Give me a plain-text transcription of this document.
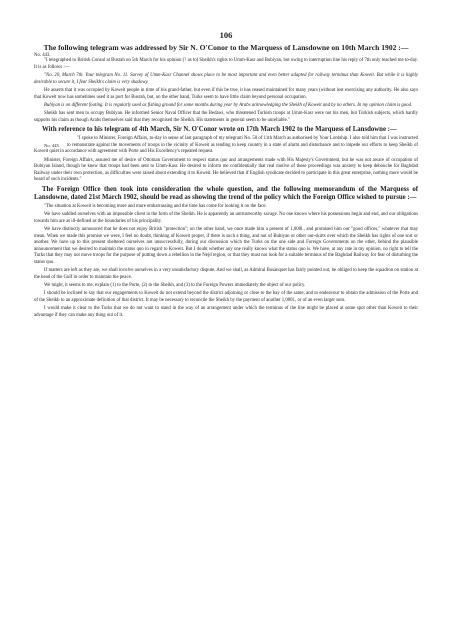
106
The following telegram was addressed by Sir N. O'Conor to the Marquess of Lansdowne on 10th March 1902 :—
No. 443.

"I telegraphed to British Consul at Busrah on 5th March for his opinion (? as to) Sheikh's rights to Umm-Kasr and Bubiyan, but owing to interruption line his reply of 7th only reached me to-day. It is as follows :—

"No. 20, March 7th. Your telegram No. 11. Survey of Umm-Kasr Channel shows place to be most important and even better adapted for railway terminus than Koweit. But while it is highly desirable to secure it, I fear Sheikh's claim is very shadowy.

He asserts that it was occupied by Koweit people in time of his grand-father, but even if this be true, it has ceased maintained for many years (without lost exercising any authority. He also says that Koweit now has sometimes used it as port for Busrah, but, on the other hand, Turks seem to have little claim beyond personal occupation.

Bubiyan is on different footing. It is regularly used as fishing ground for some months during year by Arabs acknowledging the Sheikh of Koweit and by no others. In my opinion claim is good.

Sheikh has sent men to occupy Bubiyan. He informed Senior Naval Officer that the Bedawi, who threatened Turkish troops at Umm-Kasr were not his men, but Turkish subjects, which hardly supports his claim as though Arabs themselves said that they recognised the Sheikh. His statements in general seem to be unreliable."

With reference to his telegram of 4th March, Sir N. O'Conor wrote on 17th March 1902 to the Marquess of Lansdowne :—
No. 445.

"I spoke to Minister, Foreign Affairs, to-day in sense of last paragraph of my telegram No. 50 of 11th March as authorised by Your Lordship. I also told him that I was instructed to remonstrate against the movements of troops in the vicinity of Koweit as tending to keep country in a state of alarm and disturbance and to impede our efforts to keep Sheikh of Koweit quiet in accordance with agreement with Porte and His Excellency's repeated request.

Minister, Foreign Affairs, assured me of desire of Ottoman Government to respect status quo and arrangements made with His Majesty's Government, but he was not aware of occupation of Bubiyan Island, though he knew that troops had been sent to Umm-Kasr. He desired to inform me confidentially that real motive of these proceedings was anxiety to keep debouche for Baghdad Railway under their own protection, as difficulties were raised about extending it to Koweit. He believed that if English syndicate decided to participate in this great enterprise, nothing more would be heard of such incidents."

The Foreign Office then took into consideration the whole question, and the following memorandum of the Marquess of Lansdowne, dated 21st March 1902, should be read as showing the trend of the policy which the Foreign Office wished to pursue :—

"The situation at Koweit is becoming more and more embarrassing and the time has come for looking it on the face.

We have saddled ourselves with an impossible client in the form of the Sheikh. He is apparently an untrustworthy savage. No one knows where his possessions begin and end, and our obligations towards him are as ill-defined as the boundaries of his principality.

We have distinctly announced that he does not enjoy British "protection"; on the other hand, we once made him a present of 1,000l., and promised him our "good offices," whatever that may mean. When we made this promise we were, I feel no doubt, thinking of Koweit proper, if there is such a thing, and not of Bubiyan or other out-skirts over which the Sheikh has rights of one sort or another. We have up to this present sheltered ourselves not unsuccessfully, during our discussion which the Turks on the one side and Foreign Governments on the other, behind the plausible announcement that we desired to maintain the status quo in regard to Koweit. But I doubt whether any one really knows what the status quo is. We have, at any rate in my opinion, no right to tell the Turks that they may not move troops for the purpose of putting down a rebellion in the Nejd region, or that they must not look for a suitable terminus of the Baghdad Railway for fear of disturbing the status quo.

If matters are left as they are, we shall involve ourselves in a very unsatisfactory dispute. And we shall, as Admiral Bosanquet has fairly pointed out, be obliged to keep the squadron on station at the head of the Gulf in order to maintain the peace.

We might, it seems to me, explain (1) to the Porte, (2) to the Sheikh, and (3) to the Foreign Powers immediately the object of our policy.

I should be inclined to say that our engagements to Koweit do not extend beyond the district adjoining or close to the bay of the same, and to endeavour to obtain the admission of the Porte and of the Sheikh to an approximate definition of that district. It may be necessary to reconcile the Sheikh by the payment of another 1,000l., or of an even larger sum.

I would make it clear to the Turks that we do not want to stand in the way of an arrangement under which the terminus of the line might be placed at some spot other than Koweit to their advantage if they can make any thing out of it.
